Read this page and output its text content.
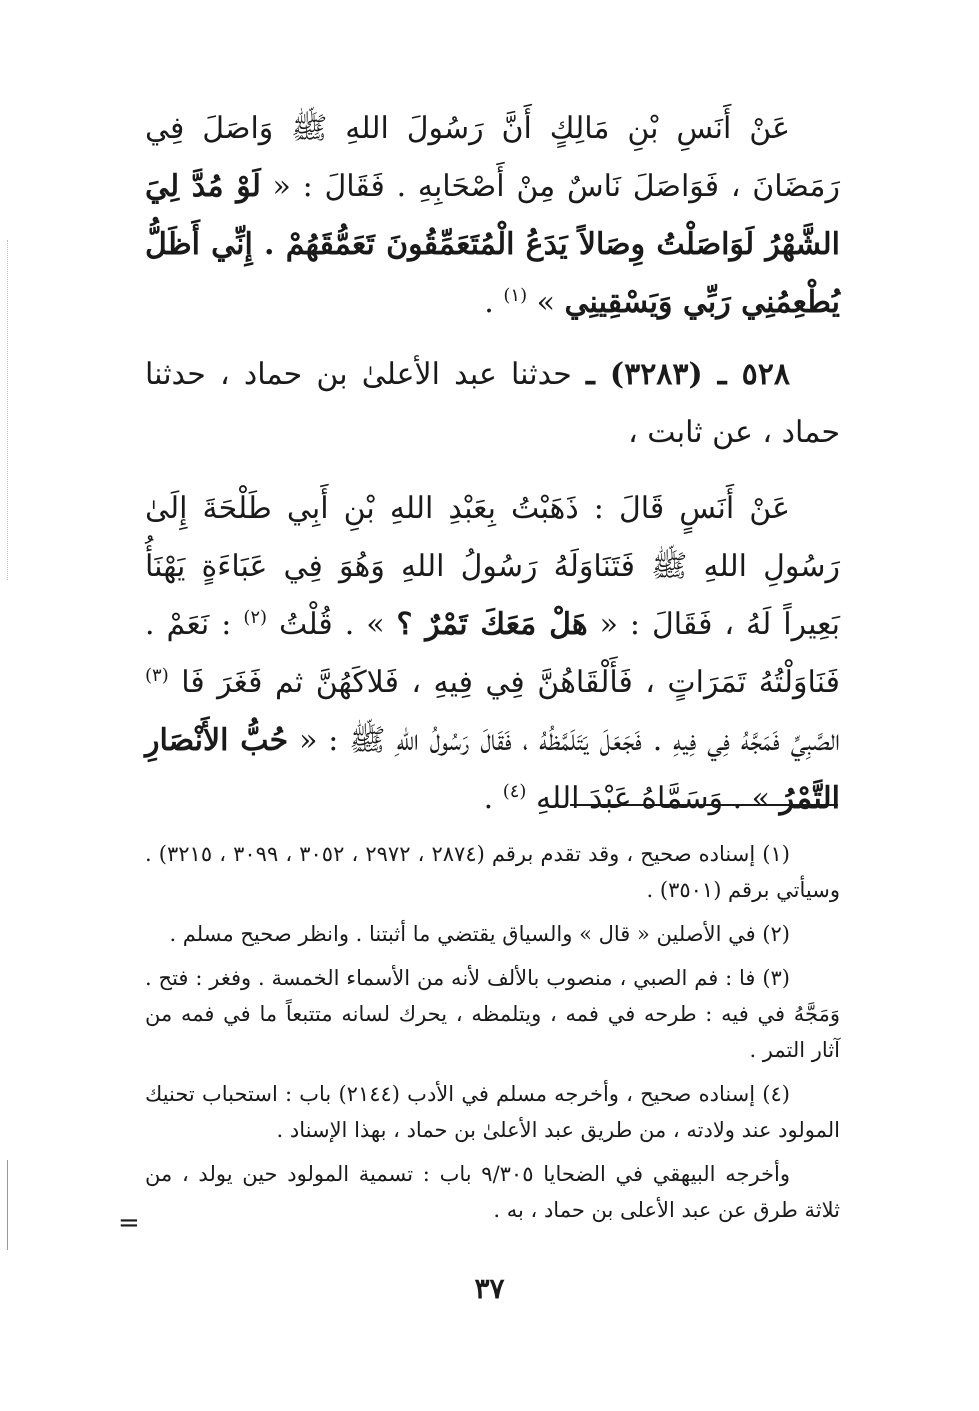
عَنْ أَنَسِ بْنِ مَالِكٍ أَنَّ رَسُولَ اللهِ ﷺ وَاصَلَ فِي رَمَضَانَ ، فَوَاصَلَ نَاسٌ مِنْ أَصْحَابِهِ . فَقَالَ : « لَوْ مُدَّ لِيَ الشَّهْرُ لَوَاصَلْتُ وِصَالاً يَدَعُ الْمُتَعَمِّقُونَ تَعَمُّقَهُمْ . إِنِّي أَظَلُّ يُطْعِمُنِي رَبِّي وَيَسْقِينِي » $^{(١)}$ .

٥٢٨ ـ (٣٢٨٣) ـ حدثنا عبد الأعلىٰ بن حماد ، حدثنا حماد ، عن ثابت ،

عَنْ أَنَسٍ قَالَ : ذَهَبْتُ بِعَبْدِ اللهِ بْنِ أَبِي طَلْحَةَ إِلَىٰ رَسُولِ اللهِ ﷺ فَتَنَاوَلَهُ رَسُولُ اللهِ وَهُوَ فِي عَبَاءَةٍ يَهْنَأُ بَعِيراً لَهُ ، فَقَالَ : « هَلْ مَعَكَ تَمْرٌ ؟ » . قُلْتُ $^{(٢)}$ : نَعَمْ . فَنَاوَلْتُهُ تَمَرَاتٍ ، فَأَلْقَاهُنَّ فِي فِيهِ ، فَلاكَهُنَّ ثم فَغَرَ فَا $^{(٣)}$ الصَّبِيِّ فَمَجَّهُ فِي فِيهِ . فَجَعَلَ يَتَلَمَّظُهُ ، فَقَالَ رَسُولُ اللهِ ﷺ : « حُبُّ الأَنْصَارِ التَّمْرُ » . وَسَمَّاهُ عَبْدَ اللهِ $^{(٤)}$ .

(١) إسناده صحيح ، وقد تقدم برقم (٢٨٧٤ ، ٢٩٧٢ ، ٣٠٥٢ ، ٣٠٩٩ ، ٣٢١٥) . وسيأتي برقم (٣٥٠١) .

(٢) في الأصلين « قال » والسياق يقتضي ما أثبتنا . وانظر صحيح مسلم .

(٣) فا : فم الصبي ، منصوب بالألف لأنه من الأسماء الخمسة . وفغر : فتح . وَمَجَّهُ في فيه : طرحه في فمه ، ويتلمظه ، يحرك لسانه متتبعاً ما في فمه من آثار التمر .

(٤) إسناده صحيح ، وأخرجه مسلم في الأدب (٢١٤٤) باب : استحباب تحنيك المولود عند ولادته ، من طريق عبد الأعلىٰ بن حماد ، بهذا الإسناد .

وأخرجه البيهقي في الضحايا ٩/٣٠٥ باب : تسمية المولود حين يولد ، من ثلاثة طرق عن عبد الأعلى بن حماد ، به .

=
٣٧
